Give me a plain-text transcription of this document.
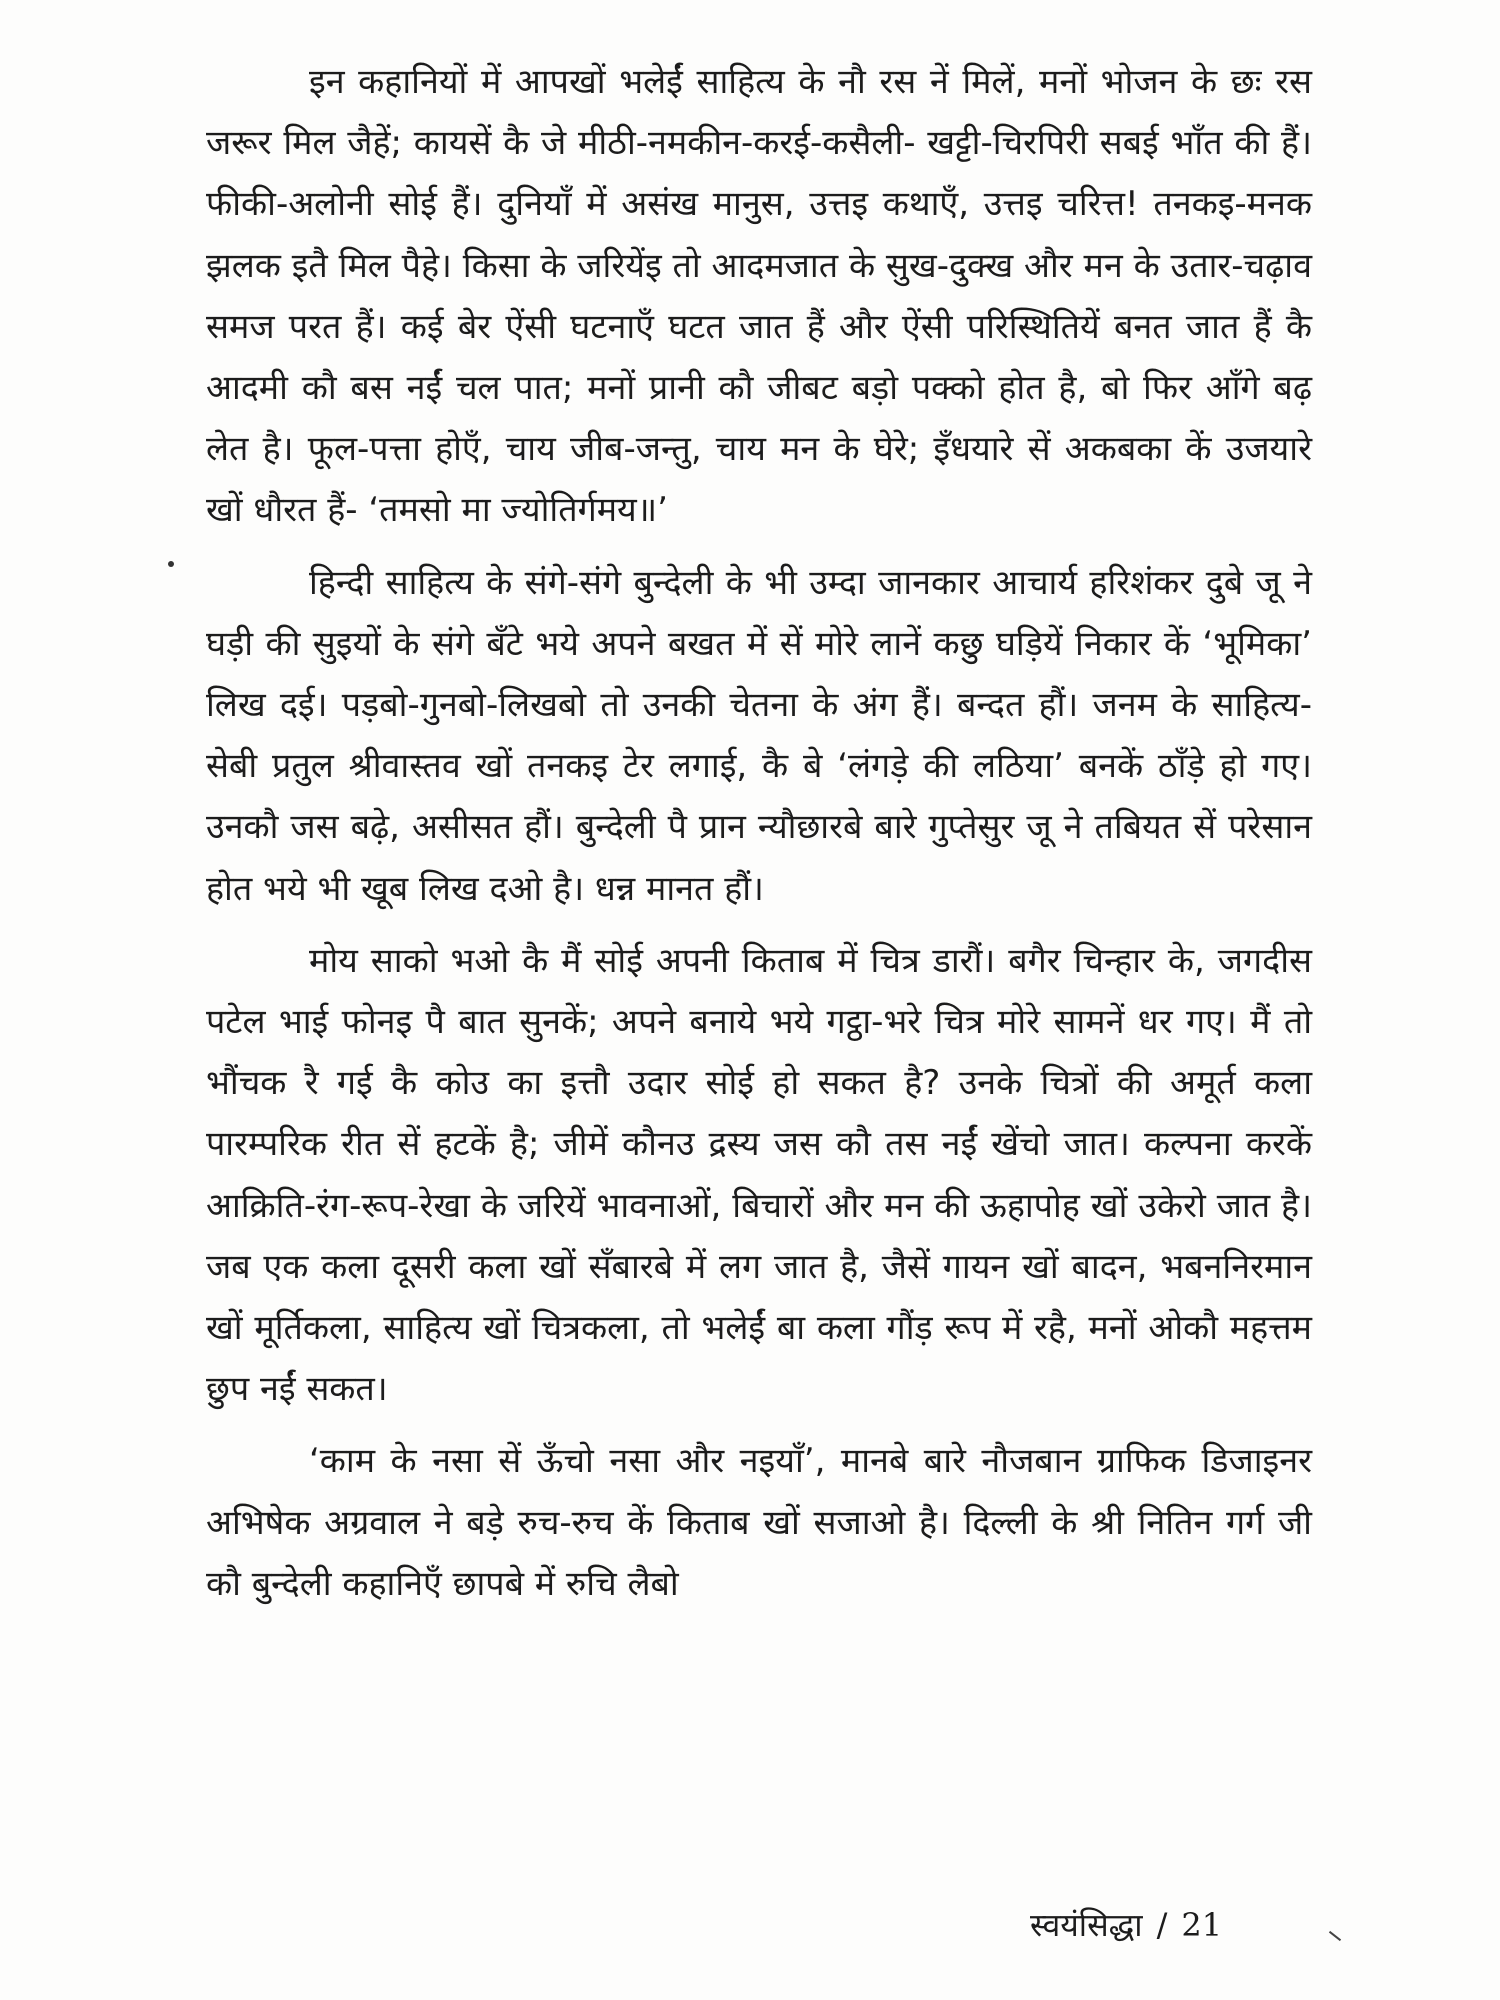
इन कहानियों में आपखों भलेईं साहित्य के नौ रस नें मिलें, मनों भोजन के छः रस जरूर मिल जैहें; कायसें कै जे मीठी-नमकीन-करई-कसैली- खट्टी-चिरपिरी सबई भाँत की हैं। फीकी-अलोनी सोई हैं। दुनियाँ में असंख मानुस, उत्तइ कथाएँ, उत्तइ चरित्त! तनकइ-मनक झलक इतै मिल पैहे। किसा के जरियेंइ तो आदमजात के सुख-दुक्ख और मन के उतार-चढ़ाव समज परत हैं। कई बेर ऐंसी घटनाएँ घटत जात हैं और ऐंसी परिस्थितियें बनत जात हैं कै आदमी कौ बस नईं चल पात; मनों प्रानी कौ जीबट बड़ो पक्को होत है, बो फिर आँगे बढ़ लेत है। फूल-पत्ता होएँ, चाय जीब-जन्तु, चाय मन के घेरे; इँधयारे सें अकबका कें उजयारे खों धौरत हैं- ‘तमसो मा ज्योतिर्गमय॥’

हिन्दी साहित्य के संगे-संगे बुन्देली के भी उम्दा जानकार आचार्य हरिशंकर दुबे जू ने घड़ी की सुइयों के संगे बँटे भये अपने बखत में सें मोरे लानें कछु घड़ियें निकार कें ‘भूमिका’ लिख दई। पड़बो-गुनबो-लिखबो तो उनकी चेतना के अंग हैं। बन्दत हौं। जनम के साहित्य-सेबी प्रतुल श्रीवास्तव खों तनकइ टेर लगाई, कै बे ‘लंगड़े की लठिया’ बनकें ठाँड़े हो गए। उनकौ जस बढ़े, असीसत हौं। बुन्देली पै प्रान न्यौछारबे बारे गुप्तेसुर जू ने तबियत सें परेसान होत भये भी खूब लिख दओ है। धन्न मानत हौं।

मोय साको भओ कै मैं सोई अपनी किताब में चित्र डारौं। बगैर चिन्हार के, जगदीस पटेल भाई फोनइ पै बात सुनकें; अपने बनाये भये गट्ठा-भरे चित्र मोरे सामनें धर गए। मैं तो भौंचक रै गई कै कोउ का इत्तौ उदार सोई हो सकत है? उनके चित्रों की अमूर्त कला पारम्परिक रीत सें हटकें है; जीमें कौनउ द्रस्य जस कौ तस नईं खेंचो जात। कल्पना करकें आक्रिति-रंग-रूप-रेखा के जरियें भावनाओं, बिचारों और मन की ऊहापोह खों उकेरो जात है। जब एक कला दूसरी कला खों सँबारबे में लग जात है, जैसें गायन खों बादन, भबननिरमान खों मूर्तिकला, साहित्य खों चित्रकला, तो भलेईं बा कला गौंड़ रूप में रहै, मनों ओकौ महत्तम छुप नईं सकत।

‘काम के नसा सें ऊँचो नसा और नइयाँ’, मानबे बारे नौजबान ग्राफिक डिजाइनर अभिषेक अग्रवाल ने बड़े रुच-रुच कें किताब खों सजाओ है। दिल्ली के श्री नितिन गर्ग जी कौ बुन्देली कहानिएँ छापबे में रुचि लैबो

स्वयंसिद्धा / 21
